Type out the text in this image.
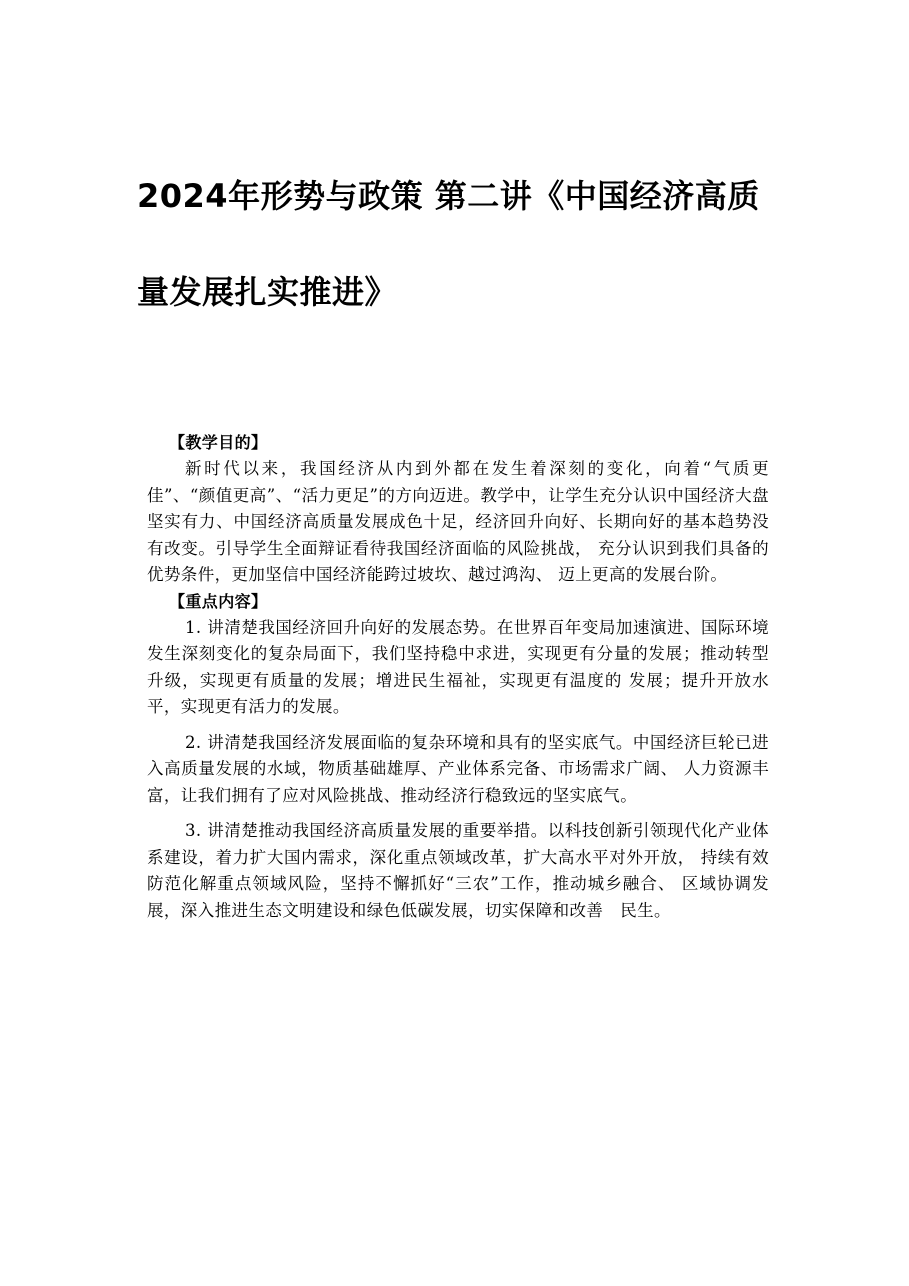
2024年形势与政策 第二讲《中国经济高质量发展扎实推进》
【教学目的】

新时代以来，我国经济从内到外都在发生着深刻的变化，向着“气质更佳”、“颜值更高”、“活力更足”的方向迈进。教学中，让学生充分认识中国经济大盘坚实有力、中国经济高质量发展成色十足，经济回升向好、长期向好的基本趋势没有改变。引导学生全面辩证看待我国经济面临的风险挑战， 充分认识到我们具备的优势条件，更加坚信中国经济能跨过坡坎、越过鸿沟、 迈上更高的发展台阶。

【重点内容】

1. 讲清楚我国经济回升向好的发展态势。在世界百年变局加速演进、国际环境发生深刻变化的复杂局面下，我们坚持稳中求进，实现更有分量的发展；推动转型升级，实现更有质量的发展；增进民生福祉，实现更有温度的 发展；提升开放水平，实现更有活力的发展。

2. 讲清楚我国经济发展面临的复杂环境和具有的坚实底气。中国经济巨轮已进入高质量发展的水域，物质基础雄厚、产业体系完备、市场需求广阔、 人力资源丰富，让我们拥有了应对风险挑战、推动经济行稳致远的坚实底气。

3. 讲清楚推动我国经济高质量发展的重要举措。以科技创新引领现代化产业体系建设，着力扩大国内需求，深化重点领域改革，扩大高水平对外开放， 持续有效防范化解重点领域风险，坚持不懈抓好“三农”工作，推动城乡融合、 区域协调发展，深入推进生态文明建设和绿色低碳发展，切实保障和改善　民生。
